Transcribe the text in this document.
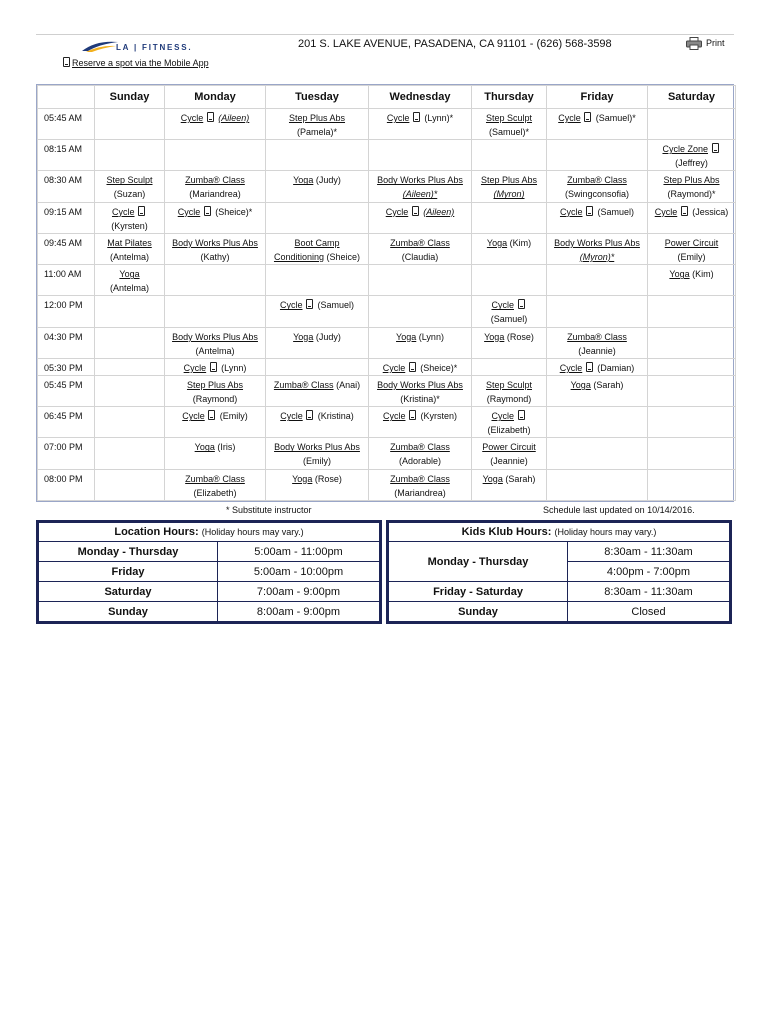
LA | FITNESS.	201 S. LAKE AVENUE, PASADENA, CA 91101 - (626) 568-3598	Print
Reserve a spot via the Mobile App
	Sunday	Monday	Tuesday	Wednesday	Thursday	Friday	Saturday
05:45 AM		Cycle (Aileen)	Step Plus Abs
(Pamela)*	Cycle (Lynn)*	Step Sculpt
(Samuel)*	Cycle (Samuel)*	
08:15 AM							Cycle Zone
(Jeffrey)
08:30 AM	Step Sculpt
(Suzan)	Zumba® Class
(Mariandrea)	Yoga (Judy)	Body Works Plus Abs
(Aileen)*	Step Plus Abs
(Myron)	Zumba® Class
(Swingconsofia)	Step Plus Abs
(Raymond)*
09:15 AM	Cycle
(Kyrsten)	Cycle (Sheice)*		Cycle (Aileen)		Cycle (Samuel)	Cycle (Jessica)
09:45 AM	Mat Pilates
(Antelma)	Body Works Plus Abs
(Kathy)	Boot Camp
Conditioning (Sheice)	Zumba® Class
(Claudia)	Yoga (Kim)	Body Works Plus Abs
(Myron)*	Power Circuit
(Emily)
11:00 AM	Yoga
(Antelma)						Yoga (Kim)
12:00 PM			Cycle (Samuel)		Cycle
(Samuel)		
04:30 PM		Body Works Plus Abs
(Antelma)	Yoga (Judy)	Yoga (Lynn)	Yoga (Rose)	Zumba® Class
(Jeannie)	
05:30 PM		Cycle (Lynn)		Cycle (Sheice)*		Cycle (Damian)	
05:45 PM		Step Plus Abs
(Raymond)	Zumba® Class (Anai)	Body Works Plus Abs
(Kristina)*	Step Sculpt
(Raymond)	Yoga (Sarah)	
06:45 PM		Cycle (Emily)	Cycle (Kristina)	Cycle (Kyrsten)	Cycle
(Elizabeth)		
07:00 PM		Yoga (Iris)	Body Works Plus Abs
(Emily)	Zumba® Class
(Adorable)	Power Circuit
(Jeannie)		
08:00 PM		Zumba® Class
(Elizabeth)	Yoga (Rose)	Zumba® Class
(Mariandrea)	Yoga (Sarah)		
* Substitute instructor	Schedule last updated on 10/14/2016.
Location Hours: (Holiday hours may vary.)	
Monday - Thursday	5:00am - 11:00pm
Friday	5:00am - 10:00pm
Saturday	7:00am - 9:00pm
Sunday	8:00am - 9:00pm
Kids Klub Hours: (Holiday hours may vary.)	
Monday - Thursday	8:30am - 11:30am
	4:00pm - 7:00pm
Friday - Saturday	8:30am - 11:30am
Sunday	Closed
